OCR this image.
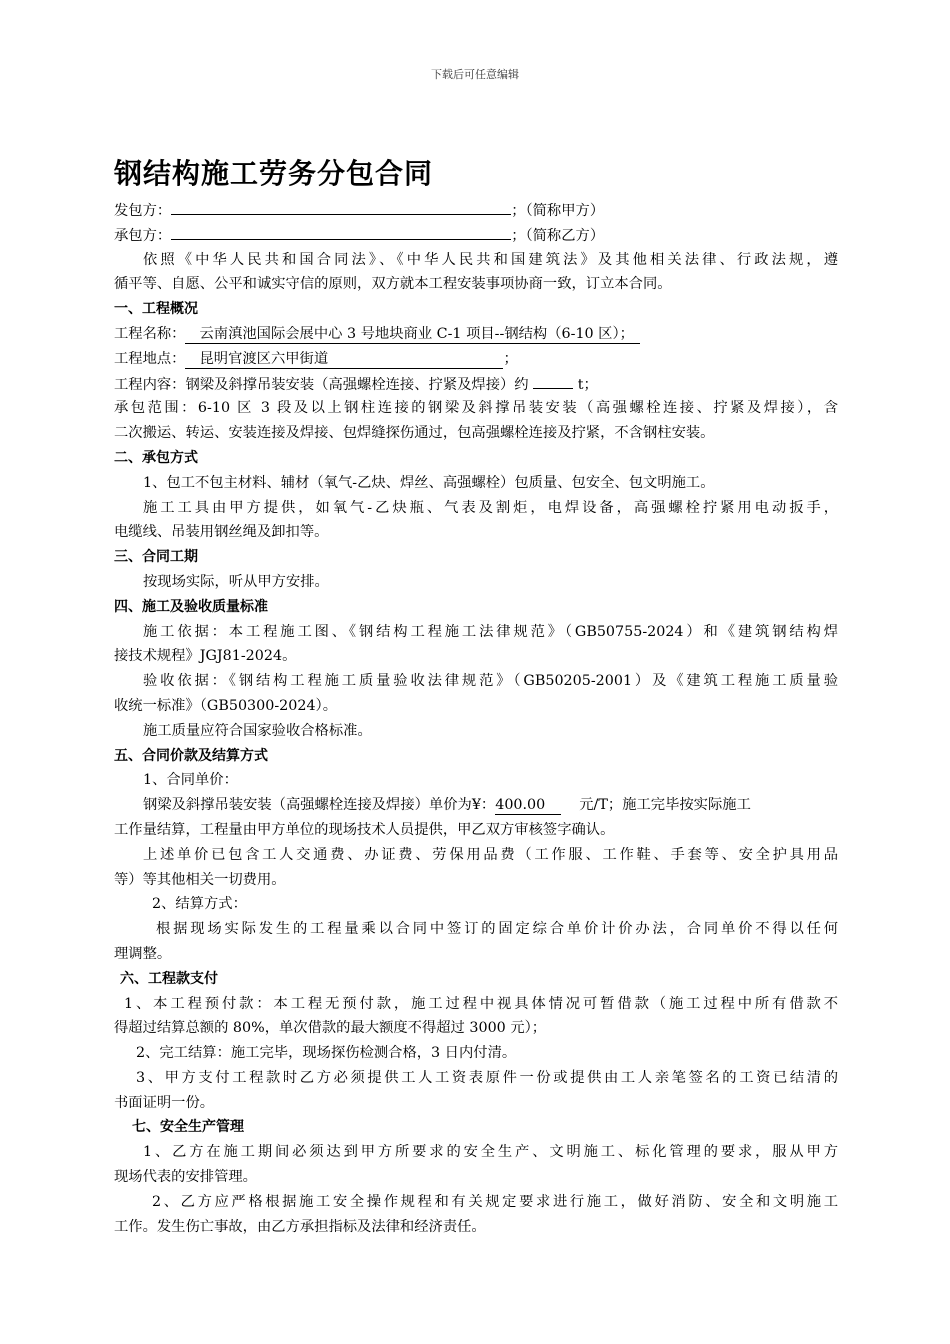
下载后可任意编辑
钢结构施工劳务分包合同
发包方：	；（简称甲方）
承包方：	；（简称乙方）
依照《中华人民共和国合同法》、《中华人民共和国建筑法》及其他相关法律、行政法规，遵
循平等、自愿、公平和诚实守信的原则，双方就本工程安装事项协商一致，订立本合同。
一、工程概况
工程名称： 云南滇池国际会展中心 3 号地块商业 C-1 项目--钢结构（6-10 区）；
工程地点： 昆明官渡区六甲街道	；
工程内容：钢梁及斜撑吊装安装（高强螺栓连接、拧紧及焊接）约	t；
承包范围：6-10 区 3 段及以上钢柱连接的钢梁及斜撑吊装安装（高强螺栓连接、拧紧及焊接），含
二次搬运、转运、安装连接及焊接、包焊缝探伤通过，包高强螺栓连接及拧紧，不含钢柱安装。
二、承包方式
1、包工不包主材料、辅材（氧气-乙炔、焊丝、高强螺栓）包质量、包安全、包文明施工。
施工工具由甲方提供，如氧气-乙炔瓶、气表及割炬，电焊设备，高强螺栓拧紧用电动扳手，
电缆线、吊装用钢丝绳及卸扣等。
三、合同工期
按现场实际，听从甲方安排。
四、施工及验收质量标准
施工依据：本工程施工图、《钢结构工程施工法律规范》（GB50755-2024）和《建筑钢结构焊
接技术规程》JGJ81-2024。
验收依据：《钢结构工程施工质量验收法律规范》（GB50205-2001）及《建筑工程施工质量验
收统一标准》（GB50300-2024）。
施工质量应符合国家验收合格标准。
五、合同价款及结算方式
1、合同单价：
钢梁及斜撑吊装安装（高强螺栓连接及焊接）单价为¥：400.00 元/T；施工完毕按实际施工
工作量结算，工程量由甲方单位的现场技术人员提供，甲乙双方审核签字确认。
上述单价已包含工人交通费、办证费、劳保用品费（工作服、工作鞋、手套等、安全护具用品
等）等其他相关一切费用。
2、结算方式：
根据现场实际发生的工程量乘以合同中签订的固定综合单价计价办法，合同单价不得以任何
理调整。
六、工程款支付
1、本工程预付款：本工程无预付款，施工过程中视具体情况可暂借款（施工过程中所有借款不
得超过结算总额的 80%，单次借款的最大额度不得超过 3000 元）；
2、完工结算：施工完毕，现场探伤检测合格，3 日内付清。
3、甲方支付工程款时乙方必须提供工人工资表原件一份或提供由工人亲笔签名的工资已结清的
书面证明一份。
七、安全生产管理
1、乙方在施工期间必须达到甲方所要求的安全生产、文明施工、标化管理的要求，服从甲方
现场代表的安排管理。
2、乙方应严格根据施工安全操作规程和有关规定要求进行施工，做好消防、安全和文明施工
工作。发生伤亡事故，由乙方承担指标及法律和经济责任。
